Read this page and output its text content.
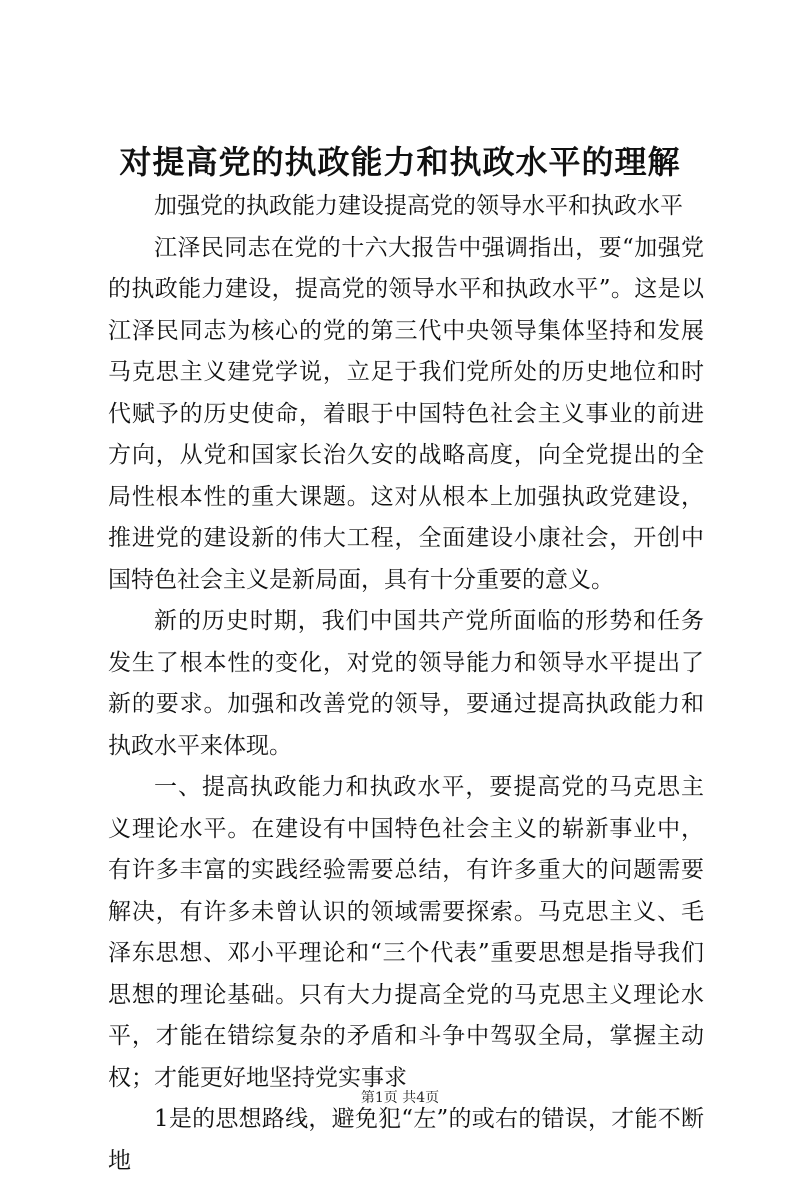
对提高党的执政能力和执政水平的理解

加强党的执政能力建设提高党的领导水平和执政水平

江泽民同志在党的十六大报告中强调指出，要“加强党的执政能力建设，提高党的领导水平和执政水平”。这是以江泽民同志为核心的党的第三代中央领导集体坚持和发展马克思主义建党学说，立足于我们党所处的历史地位和时代赋予的历史使命，着眼于中国特色社会主义事业的前进方向，从党和国家长治久安的战略高度，向全党提出的全局性根本性的重大课题。这对从根本上加强执政党建设，推进党的建设新的伟大工程，全面建设小康社会，开创中国特色社会主义是新局面，具有十分重要的意义。

新的历史时期，我们中国共产党所面临的形势和任务发生了根本性的变化，对党的领导能力和领导水平提出了新的要求。加强和改善党的领导，要通过提高执政能力和执政水平来体现。

一、提高执政能力和执政水平，要提高党的马克思主义理论水平。在建设有中国特色社会主义的崭新事业中，有许多丰富的实践经验需要总结，有许多重大的问题需要解决，有许多未曾认识的领域需要探索。马克思主义、毛泽东思想、邓小平理论和“三个代表”重要思想是指导我们思想的理论基础。只有大力提高全党的马克思主义理论水平，才能在错综复杂的矛盾和斗争中驾驭全局，掌握主动权；才能更好地坚持党实事求

1是的思想路线，避免犯“左”的或右的错误，才能不断地

第1页 共4页
